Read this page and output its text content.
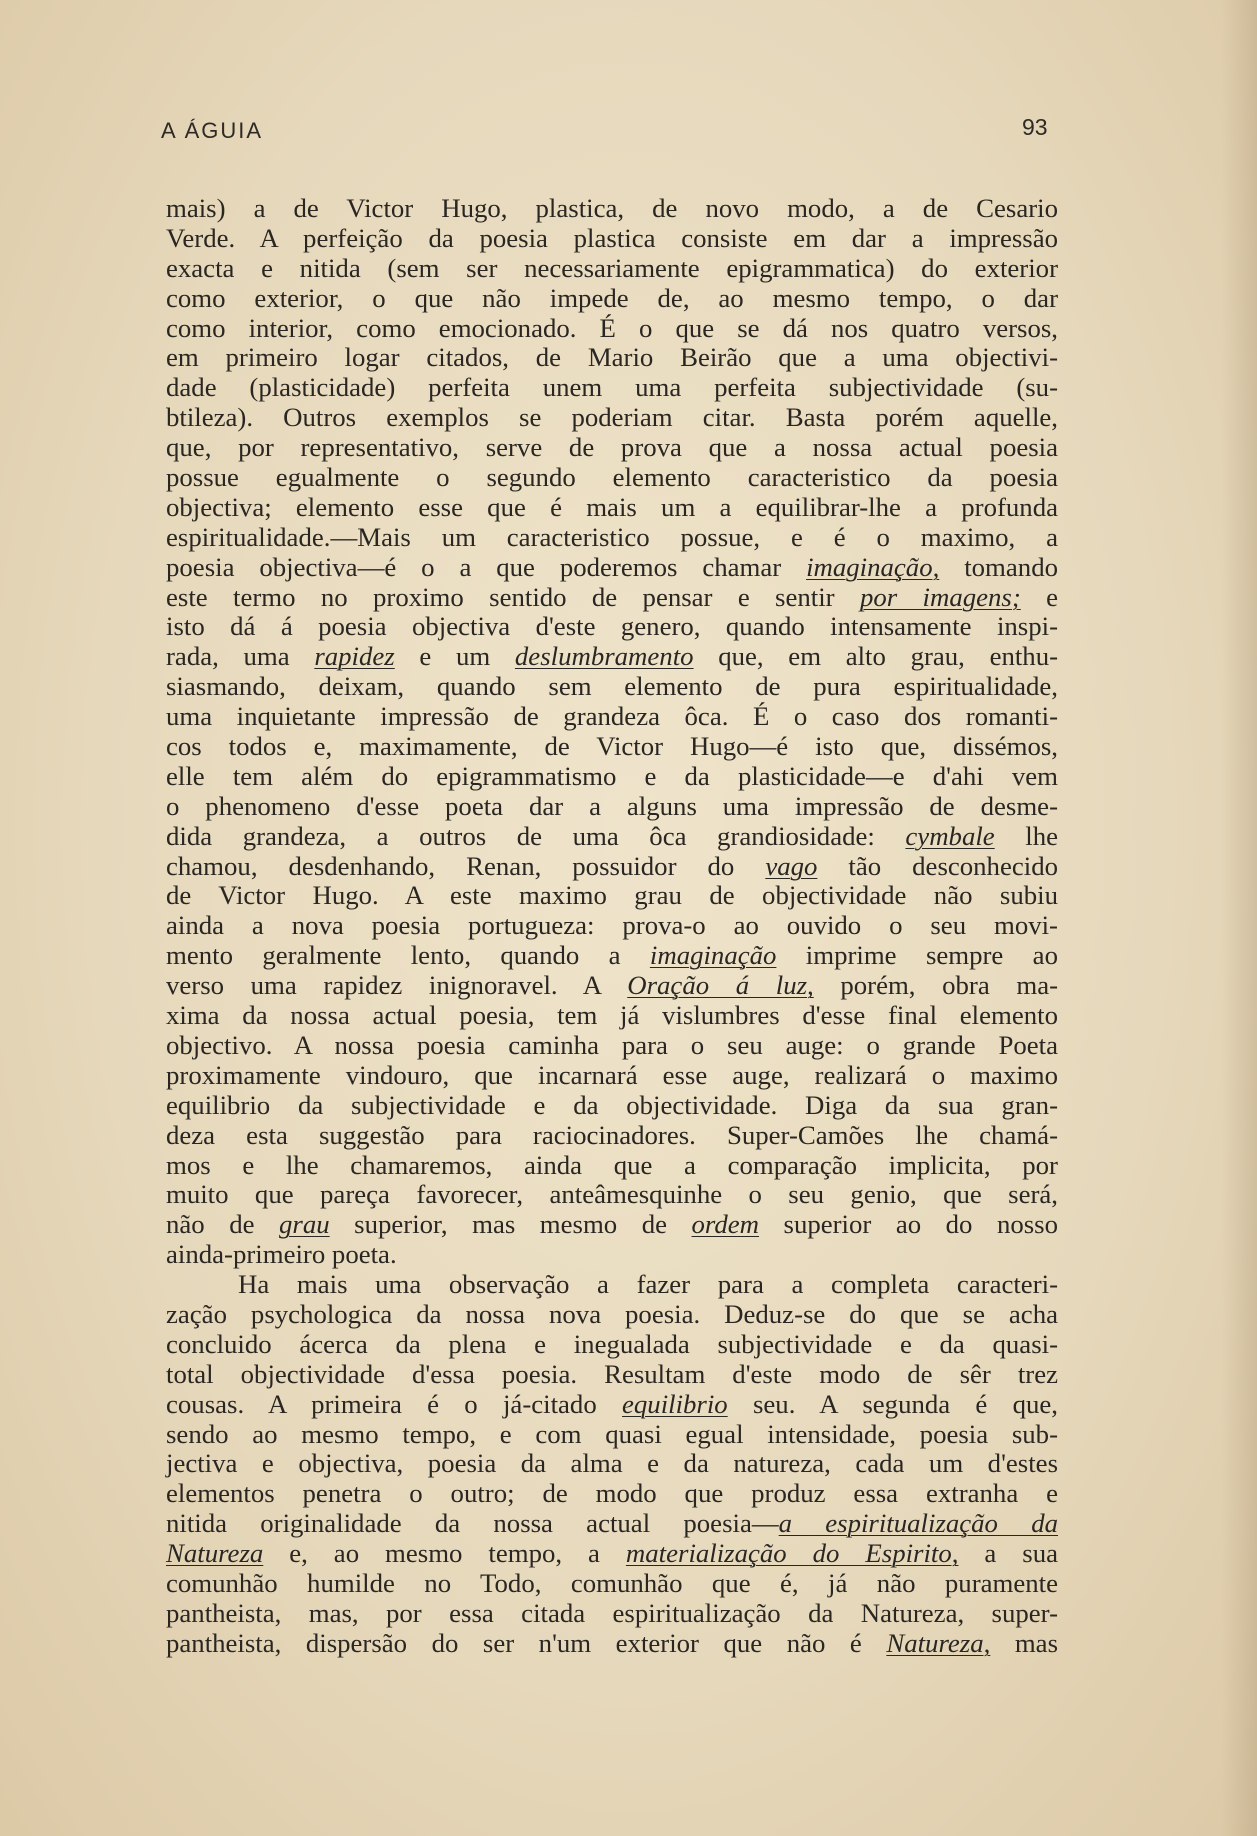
A ÁGUIA	93
mais) a de Victor Hugo, plastica, de novo modo, a de Cesario
Verde. A perfeição da poesia plastica consiste em dar a impressão
exacta e nitida (sem ser necessariamente epigrammatica) do exterior
como exterior, o que não impede de, ao mesmo tempo, o dar
como interior, como emocionado. É o que se dá nos quatro versos,
em primeiro logar citados, de Mario Beirão que a uma objectivi-
dade (plasticidade) perfeita unem uma perfeita subjectividade (su-
btileza). Outros exemplos se poderiam citar. Basta porém aquelle,
que, por representativo, serve de prova que a nossa actual poesia
possue egualmente o segundo elemento caracteristico da poesia
objectiva; elemento esse que é mais um a equilibrar-lhe a profunda
espiritualidade.—Mais um caracteristico possue, e é o maximo, a
poesia objectiva—é o a que poderemos chamar imaginação, tomando
este termo no proximo sentido de pensar e sentir por imagens; e
isto dá á poesia objectiva d'este genero, quando intensamente inspi-
rada, uma rapidez e um deslumbramento que, em alto grau, enthu-
siasmando, deixam, quando sem elemento de pura espiritualidade,
uma inquietante impressão de grandeza ôca. É o caso dos romanti-
cos todos e, maximamente, de Victor Hugo—é isto que, dissémos,
elle tem além do epigrammatismo e da plasticidade—e d'ahi vem
o phenomeno d'esse poeta dar a alguns uma impressão de desme-
dida grandeza, a outros de uma ôca grandiosidade: cymbale lhe
chamou, desdenhando, Renan, possuidor do vago tão desconhecido
de Victor Hugo. A este maximo grau de objectividade não subiu
ainda a nova poesia portugueza: prova-o ao ouvido o seu movi-
mento geralmente lento, quando a imaginação imprime sempre ao
verso uma rapidez inignoravel. A Oração á luz, porém, obra ma-
xima da nossa actual poesia, tem já vislumbres d'esse final elemento
objectivo. A nossa poesia caminha para o seu auge: o grande Poeta
proximamente vindouro, que incarnará esse auge, realizará o maximo
equilibrio da subjectividade e da objectividade. Diga da sua gran-
deza esta suggestão para raciocinadores. Super-Camões lhe chamá-
mos e lhe chamaremos, ainda que a comparação implicita, por
muito que pareça favorecer, anteâmesquinhe o seu genio, que será,
não de grau superior, mas mesmo de ordem superior ao do nosso
ainda-primeiro poeta.
Ha mais uma observação a fazer para a completa caracteri-
zação psychologica da nossa nova poesia. Deduz-se do que se acha
concluido ácerca da plena e ineguala​da subjectividade e da quasi-
total objectividade d'essa poesia. Resultam d'este modo de sêr trez
cousas. A primeira é o já-citado equilibrio seu. A segunda é que,
sendo ao mesmo tempo, e com quasi egual intensidade, poesia sub-
jectiva e objectiva, poesia da alma e da natureza, cada um d'estes
elementos penetra o outro; de modo que produz essa extranha e
nitida originalidade da nossa actual poesia—a espiritualização da
Natureza e, ao mesmo tempo, a materialização do Espirito, a sua
comunhão humilde no Todo, comunhão que é, já não puramente
pantheista, mas, por essa citada espiritualização da Natureza, super-
pantheista, dispersão do ser n'um exterior que não é Natureza, mas
